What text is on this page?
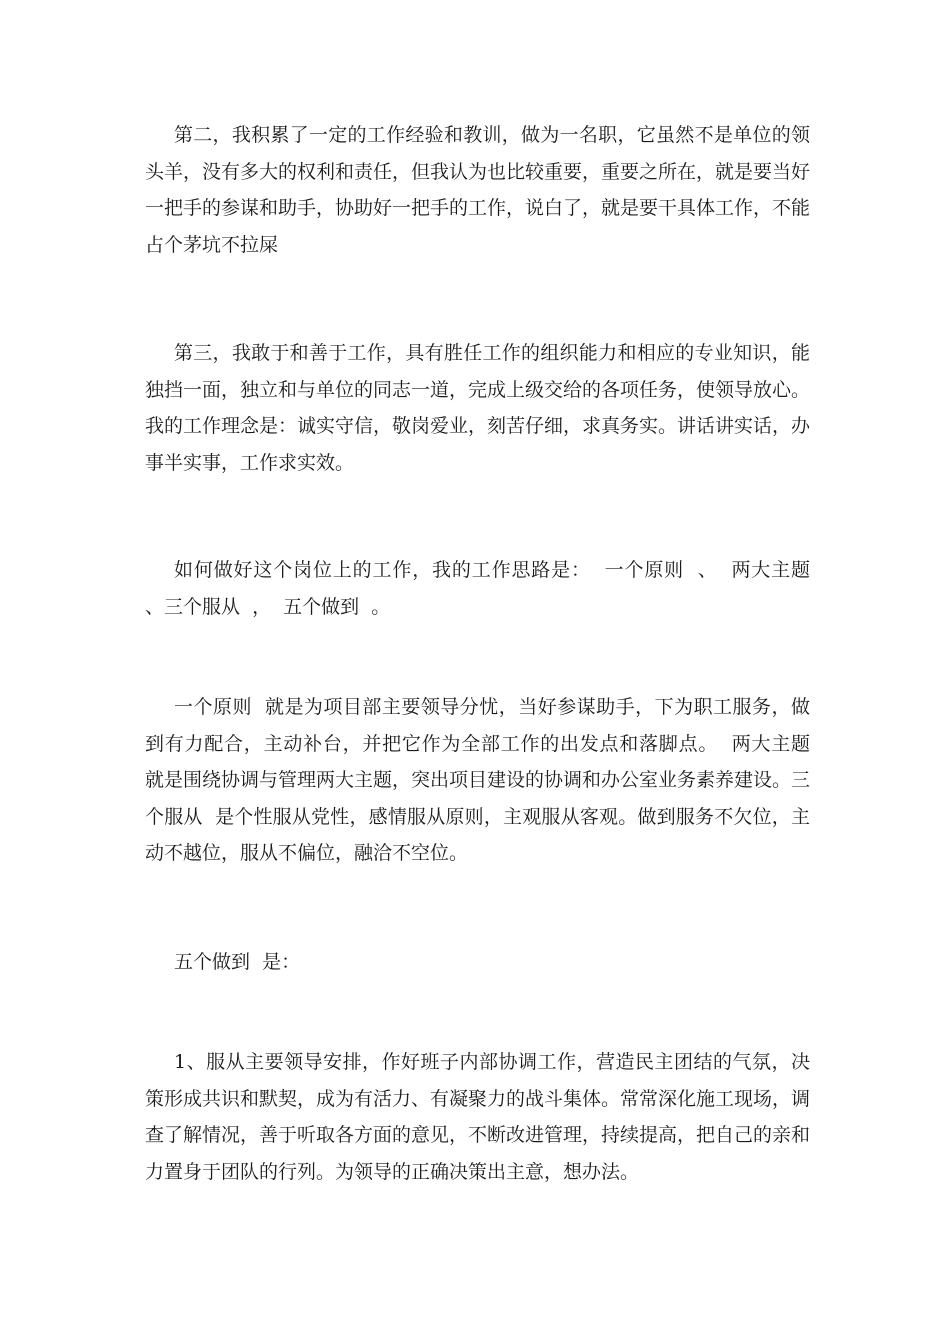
第二，我积累了一定的工作经验和教训，做为一名职，它虽然不是单位的领头羊，没有多大的权利和责任，但我认为也比较重要，重要之所在，就是要当好一把手的参谋和助手，协助好一把手的工作，说白了，就是要干具体工作，不能  占个茅坑不拉屎

第三，我敢于和善于工作，具有胜任工作的组织能力和相应的专业知识，能独挡一面，独立和与单位的同志一道，完成上级交给的各项任务，使领导放心。我的工作理念是：诚实守信，敬岗爱业，刻苦仔细，求真务实。讲话讲实话，办事半实事，工作求实效。

如何做好这个岗位上的工作，我的工作思路是：  一个原则  、  两大主题  、三个服从  ，  五个做到  。

一个原则  就是为项目部主要领导分忧，当好参谋助手，下为职工服务，做到有力配合，主动补台，并把它作为全部工作的出发点和落脚点。  两大主题  就是围绕协调与管理两大主题，突出项目建设的协调和办公室业务素养建设。三个服从  是个性服从党性，感情服从原则，主观服从客观。做到服务不欠位，主动不越位，服从不偏位，融洽不空位。

五个做到  是：

1、服从主要领导安排，作好班子内部协调工作，营造民主团结的气氛，决策形成共识和默契，成为有活力、有凝聚力的战斗集体。常常深化施工现场，调查了解情况，善于听取各方面的意见，不断改进管理，持续提高，把自己的亲和力置身于团队的行列。为领导的正确决策出主意，想办法。
